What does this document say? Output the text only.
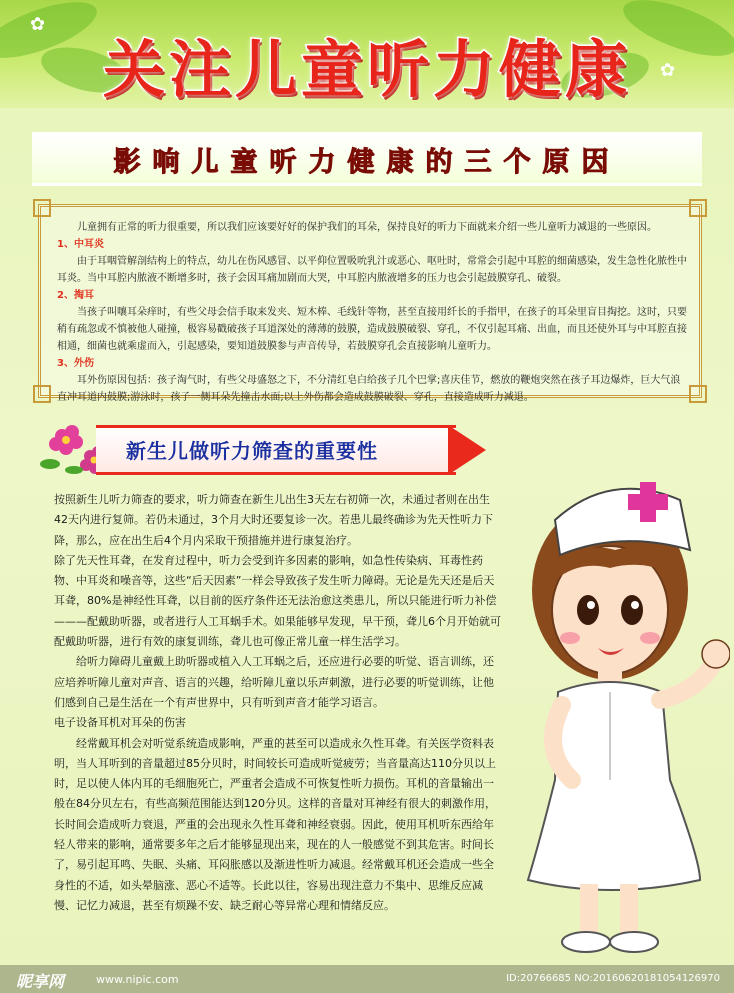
✿
✿
关注儿童听力健康
影响儿童听力健康的三个原因

儿童拥有正常的听力很重要，所以我们应该要好好的保护我们的耳朵，保持良好的听力下面就来介绍一些儿童听力减退的一些原因。

1、中耳炎

由于耳咽管解剖结构上的特点，幼儿在伤风感冒、以平仰位置吸吮乳汁或恶心、呕吐时，常常会引起中耳腔的细菌感染，发生急性化脓性中耳炎。当中耳腔内脓液不断增多时，孩子会因耳痛加剧而大哭，中耳腔内脓液增多的压力也会引起鼓膜穿孔、破裂。

2、掏耳

当孩子叫嚷耳朵痒时，有些父母会信手取来发夹、短木棒、毛线针等物，甚至直接用纤长的手指甲，在孩子的耳朵里盲目掏挖。这时，只要稍有疏忽或不慎被他人碰撞，极容易戳破孩子耳道深处的薄薄的鼓膜，造成鼓膜破裂、穿孔，不仅引起耳痛、出血，而且还使外耳与中耳腔直接相通，细菌也就乘虚而入，引起感染，要知道鼓膜参与声音传导，若鼓膜穿孔会直接影响儿童听力。

3、外伤

耳外伤原因包括：孩子淘气时，有些父母盛怒之下，不分清红皂白给孩子几个巴掌;喜庆佳节，燃放的鞭炮突然在孩子耳边爆炸，巨大气浪直冲耳道内鼓膜;游泳时，孩子一侧耳朵先撞击水面;以上外伤都会造成鼓膜破裂、穿孔，直接造成听力减退。

新生儿做听力筛查的重要性

按照新生儿听力筛查的要求，听力筛查在新生儿出生3天左右初筛一次，未通过者则在出生42天内进行复筛。若仍未通过，3个月大时还要复诊一次。若患儿最终确诊为先天性听力下降，那么，应在出生后4个月内采取干预措施并进行康复治疗。

除了先天性耳聋，在发育过程中，听力会受到许多因素的影响，如急性传染病、耳毒性药物、中耳炎和噪音等，这些“后天因素”一样会导致孩子发生听力障碍。无论是先天还是后天耳聋，80%是神经性耳聋，以目前的医疗条件还无法治愈这类患儿，所以只能进行听力补偿———配戴助听器，或者进行人工耳蜗手术。如果能够早发现，早干预，聋儿6个月开始就可配戴助听器，进行有效的康复训练，聋儿也可像正常儿童一样生活学习。

给听力障碍儿童戴上助听器或植入人工耳蜗之后，还应进行必要的听觉、语言训练，还应培养听障儿童对声音、语言的兴趣，给听障儿童以乐声刺激，进行必要的听觉训练，让他们感到自己是生活在一个有声世界中，只有听到声音才能学习语言。

电子设备耳机对耳朵的伤害

经常戴耳机会对听觉系统造成影响，严重的甚至可以造成永久性耳聋。有关医学资料表明，当人耳听到的音量超过85分贝时，时间较长可造成听觉疲劳；当音量高达110分贝以上时，足以使人体内耳的毛细胞死亡，严重者会造成不可恢复性听力损伤。耳机的音量输出一般在84分贝左右，有些高频范围能达到120分贝。这样的音量对耳神经有很大的刺激作用，长时间会造成听力衰退，严重的会出现永久性耳聋和神经衰弱。因此，使用耳机听东西给年轻人带来的影响，通常要多年之后才能够显现出来，现在的人一般感觉不到其危害。时间长了，易引起耳鸣、失眠、头痛、耳闷胀感以及渐进性听力减退。经常戴耳机还会造成一些全身性的不适，如头晕脑涨、恶心不适等。长此以往，容易出现注意力不集中、思维反应减慢、记忆力减退，甚至有烦躁不安、缺乏耐心等异常心理和情绪反应。

昵享网	www.nipic.com	ID:20766685 NO:20160620181054126970
